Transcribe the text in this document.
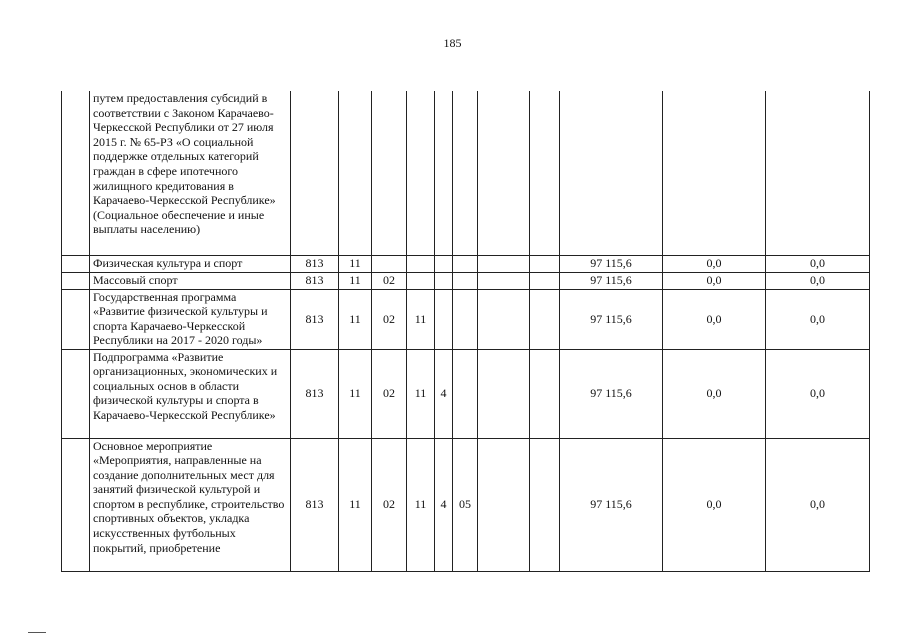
185
	путем предоставления субсидий в соответствии с Законом Карачаево-Черкесской Республики от 27 июля 2015 г. № 65-РЗ «О социальной поддержке отдельных категорий граждан в сфере ипотечного жилищного кредитования в Карачаево-Черкесской Республике» (Социальное обеспечение и иные выплаты населению)											
	Физическая культура и спорт	813	11							97 115,6	0,0	0,0
	Массовый спорт	813	11	02						97 115,6	0,0	0,0
	Государственная программа «Развитие физической культуры и спорта Карачаево-Черкесской Республики на 2017 - 2020 годы»	813	11	02	11					97 115,6	0,0	0,0
	Подпрограмма «Развитие организационных, экономических и социальных основ в области физической культуры и спорта в Карачаево-Черкесской Республике»	813	11	02	11	4				97 115,6	0,0	0,0
	Основное мероприятие «Мероприятия, направленные на создание дополнительных мест для занятий физической культурой и спортом в республике, строительство спортивных объектов, укладка искусственных футбольных покрытий, приобретение	813	11	02	11	4	05			97 115,6	0,0	0,0
